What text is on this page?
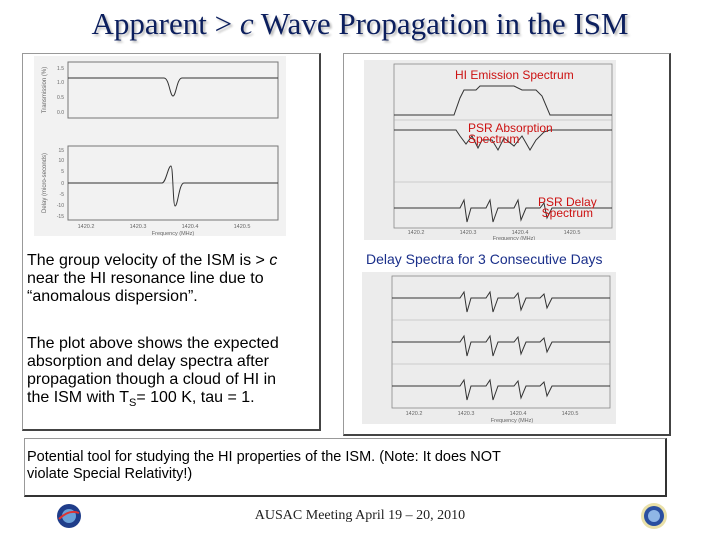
Apparent > c Wave Propagation in the ISM
Transmission (%)
Delay (micro-seconds)
1.5
1.0
0.5
0.0
15
10
5
0
-5
-10
-15
1420.2	1420.3	1420.4	1420.5
Frequency (MHz)	1420.2	1420.3	1420.4	1420.5
Frequency (MHz)
HI Emission Spectrum
PSR Absorption
Spectrum
PSR Delay
Spectrum
Delay Spectra for 3 Consecutive Days
1420.2	1420.3	1420.4	1420.5
Frequency (MHz)
The group velocity of the ISM is > c
near the HI resonance line due to
“anomalous dispersion”.
The plot above shows the expected
absorption and delay spectra after
propagation though a cloud of HI in
the ISM with $T_S= 100$ K, tau = 1.
Potential tool for studying the HI properties of the ISM. (Note: It does NOT
violate Special Relativity!)
AUSAC Meeting April 19 – 20, 2010
